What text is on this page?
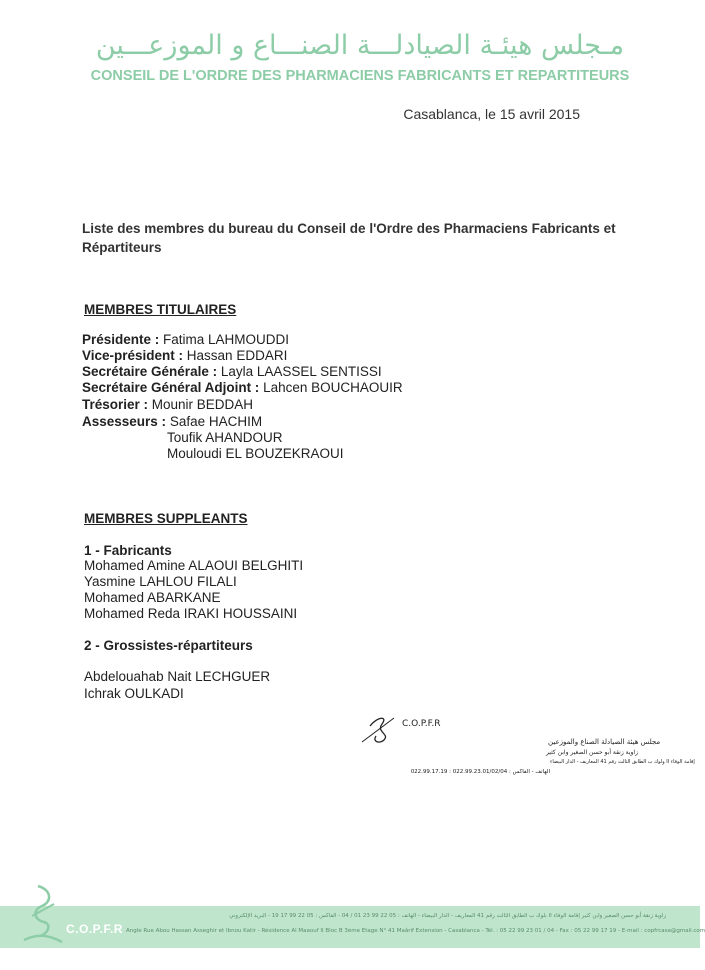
مـجلس هيئـة الصيادلـــة الصنـــاع و الموزعـــين
CONSEIL DE L'ORDRE DES PHARMACIENS FABRICANTS ET REPARTITEURS
Casablanca, le 15 avril 2015
Liste des membres du bureau du Conseil de l'Ordre des Pharmaciens Fabricants et Répartiteurs
MEMBRES TITULAIRES
Présidente : Fatima LAHMOUDDI
Vice-président : Hassan EDDARI
Secrétaire Générale : Layla LAASSEL SENTISSI
Secrétaire Général Adjoint : Lahcen BOUCHAOUIR
Trésorier : Mounir BEDDAH
Assesseurs : Safae HACHIM
Toufik AHANDOUR
Mouloudi EL BOUZEKRAOUI
MEMBRES SUPPLEANTS
1 - Fabricants
Mohamed Amine ALAOUI BELGHITI
Yasmine LAHLOU FILALI
Mohamed ABARKANE
Mohamed Reda IRAKI HOUSSAINI
2 - Grossistes-répartiteurs
Abdelouahab Nait LECHGUER
Ichrak OULKADI
C.O.P.F.R
مجلس هيئة الصيادلة الصناع والموزعين
زاوية زنقة أبو حسن الصغير وابن كثير
إقامة الوفاء II ولوك ب الطابق الثالث رقم 41 المعاريف - الدار البيضاء
022.99.17.19 : الهاتف - الفاكس : 022.99.23.01/02/04
C.O.P.F.R
زاوية زنقة أبو حسن الصغير وابن كثير إقامة الوفاء II بلوك ب الطابق الثالث رقم 41 المعاريف - الدار البيضاء - الهاتف : 05 22 99 23 01 / 04 - الفاكس : 05 22 99 17 19 - البريد الإلكتروني
Angle Rue Abou Hassan Asseghir et Ibnou Katir - Résidence Al Maaouf II Bloc B 3ème Etage N° 41 Maârif Extension - Casablanca - Tél. : 05 22 99 23 01 / 04 - Fax : 05 22 99 17 19 - E-mail : copfrcasa@gmail.com
